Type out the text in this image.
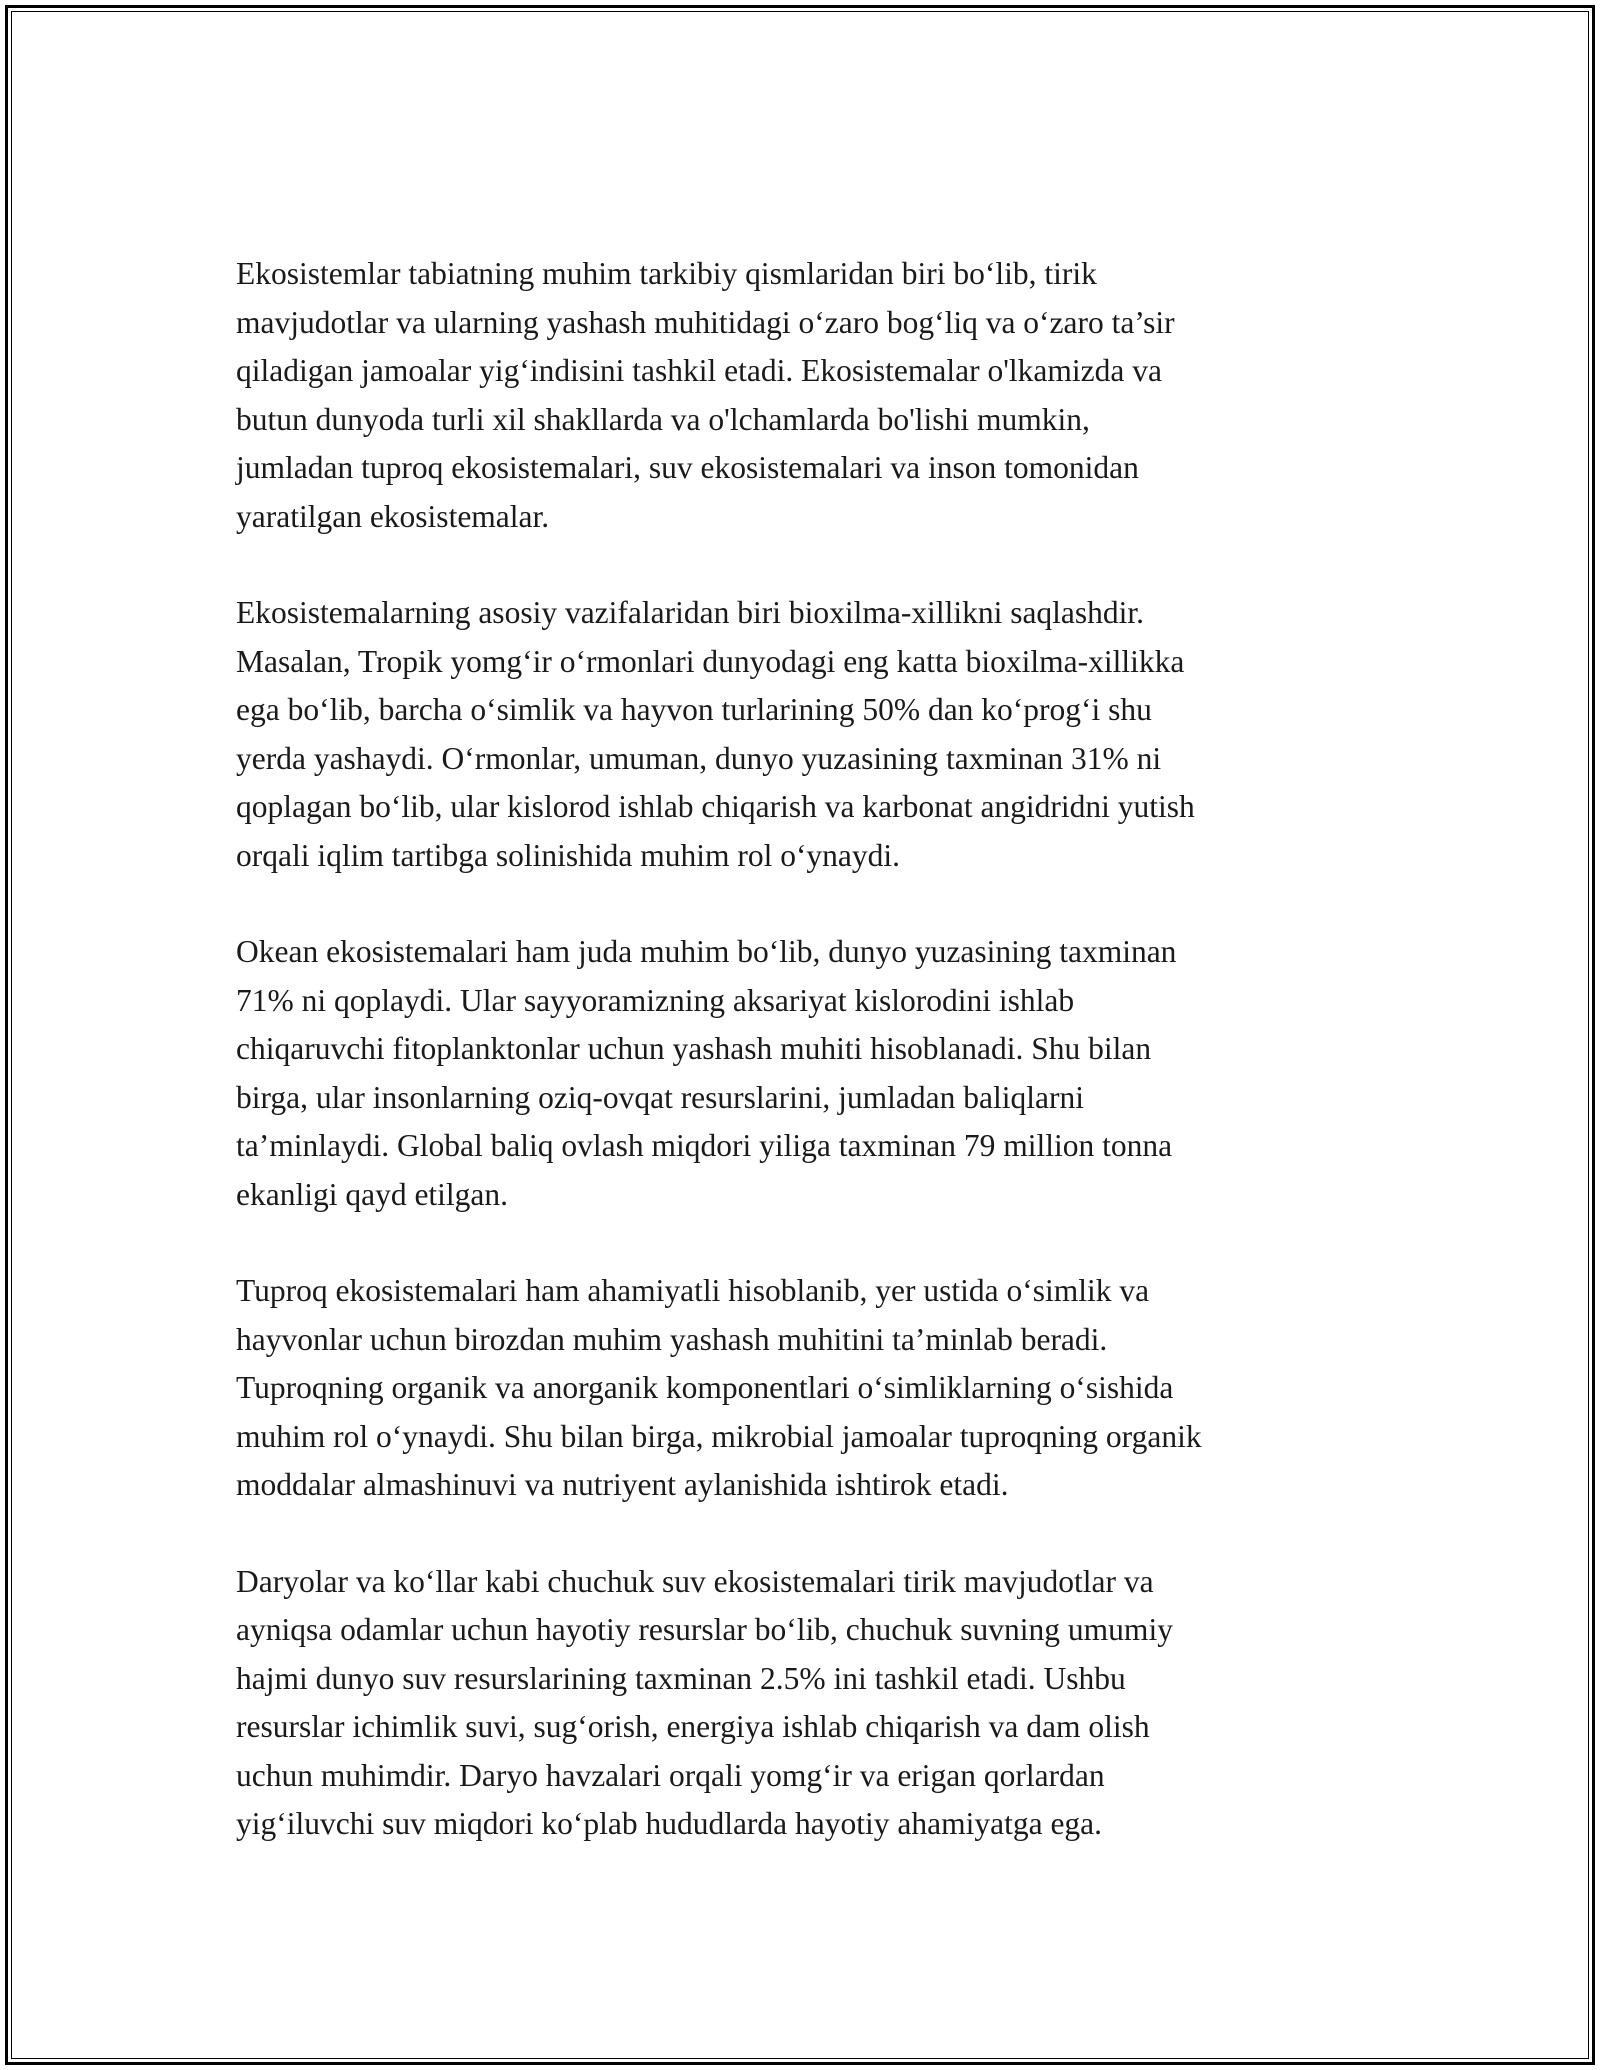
Ekosistemlar tabiatning muhim tarkibiy qismlaridan biri bo‘lib, tirik
mavjudotlar va ularning yashash muhitidagi o‘zaro bog‘liq va o‘zaro ta’sir
qiladigan jamoalar yig‘indisini tashkil etadi. Ekosistemalar o'lkamizda va
butun dunyoda turli xil shakllarda va o'lchamlarda bo'lishi mumkin,
jumladan tuproq ekosistemalari, suv ekosistemalari va inson tomonidan
yaratilgan ekosistemalar.

Ekosistemalarning asosiy vazifalaridan biri bioxilma-xillikni saqlashdir.
Masalan, Tropik yomg‘ir o‘rmonlari dunyodagi eng katta bioxilma-xillikka
ega bo‘lib, barcha o‘simlik va hayvon turlarining 50% dan ko‘prog‘i shu
yerda yashaydi. O‘rmonlar, umuman, dunyo yuzasining taxminan 31% ni
qoplagan bo‘lib, ular kislorod ishlab chiqarish va karbonat angidridni yutish
orqali iqlim tartibga solinishida muhim rol o‘ynaydi.

Okean ekosistemalari ham juda muhim bo‘lib, dunyo yuzasining taxminan
71% ni qoplaydi. Ular sayyoramizning aksariyat kislorodini ishlab
chiqaruvchi fitoplanktonlar uchun yashash muhiti hisoblanadi. Shu bilan
birga, ular insonlarning oziq-ovqat resurslarini, jumladan baliqlarni
ta’minlaydi. Global baliq ovlash miqdori yiliga taxminan 79 million tonna
ekanligi qayd etilgan.

Tuproq ekosistemalari ham ahamiyatli hisoblanib, yer ustida o‘simlik va
hayvonlar uchun birozdan muhim yashash muhitini ta’minlab beradi.
Tuproqning organik va anorganik komponentlari o‘simliklarning o‘sishida
muhim rol o‘ynaydi. Shu bilan birga, mikrobial jamoalar tuproqning organik
moddalar almashinuvi va nutriyent aylanishida ishtirok etadi.

Daryolar va ko‘llar kabi chuchuk suv ekosistemalari tirik mavjudotlar va
ayniqsa odamlar uchun hayotiy resurslar bo‘lib, chuchuk suvning umumiy
hajmi dunyo suv resurslarining taxminan 2.5% ini tashkil etadi. Ushbu
resurslar ichimlik suvi, sug‘orish, energiya ishlab chiqarish va dam olish
uchun muhimdir. Daryo havzalari orqali yomg‘ir va erigan qorlardan
yig‘iluvchi suv miqdori ko‘plab hududlarda hayotiy ahamiyatga ega.
